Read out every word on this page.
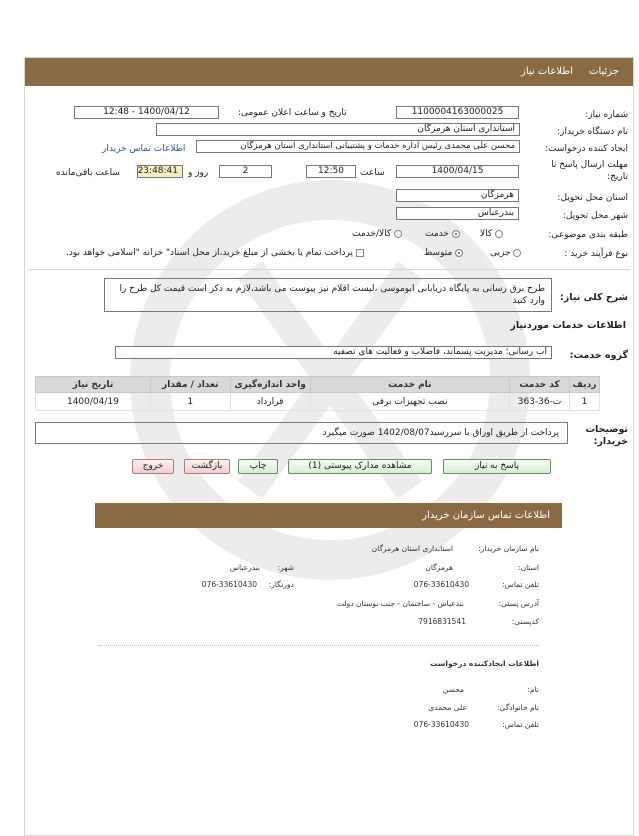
جزئیات
اطلاعات نیاز
شماره نیاز:
1100004163000025
تاریخ و ساعت اعلان عمومی:
1400/04/12 - 12:48
نام دستگاه خریدار:
استانداری استان هرمزگان
ایجاد کننده درخواست:
محسن علی محمدی رئیس اداره خدمات و پشتیبانی استانداری استان هرمزگان
اطلاعات تماس خریدار
مهلت ارسال پاسخ تا تاریخ:
1400/04/15
ساعت
12:50
2
روز و
23:48:41
ساعت باقی‌مانده
استان محل تحویل:
هرمزگان
شهر محل تحویل:
بندرعباس
طبقه بندی موضوعی:
کالا
خدمت
کالا/خدمت
نوع فرآیند خرید :
جزیی
متوسط
پرداخت تمام یا بخشی از مبلغ خرید،از محل اسناد" خزانه "اسلامی خواهد بود.
شرح کلی نیاز:
طرح برق رسانی به پایگاه دریابانی ابوموسی ،لیست اقلام نیز پیوست می باشد،لازم به ذکر است قیمت کل طرح را وارد کنید
اطلاعات خدمات موردنیاز
گروه خدمت:
آب رسانی؛ مدیریت پسماند، فاضلاب و فعالیت های تصفیه
ردیف	کد خدمت	نام خدمت	واحد اندازه‌گیری	تعداد / مقدار	تاریخ نیاز
1	ت-36-363	نصب تجهیزات برقی	قرارداد	1	1400/04/19
توضیحات خریدار:
پرداخت از طریق اوراق با سررسید1402/08/07 صورت میگیرد
پاسخ به نیاز
مشاهده مدارک پیوستی (1)
چاپ
بازگشت
خروج
اطلاعات تماس سازمان خریدار
نام سازمان خریدار:
استانداری استان هرمزگان
استان:
هرمزگان
شهر:
بندرعباس
تلفن تماس:
076-33610430
دورنگار:
076-33610430
آدرس پستی:
بندعباس - ساختمان - جنب بوستان دولت
کدپستی:
7916831541
اطلاعات ایجادکننده درخواست
نام:
محسن
نام خانوادگی:
علی محمدی
تلفن تماس:
076-33610430
